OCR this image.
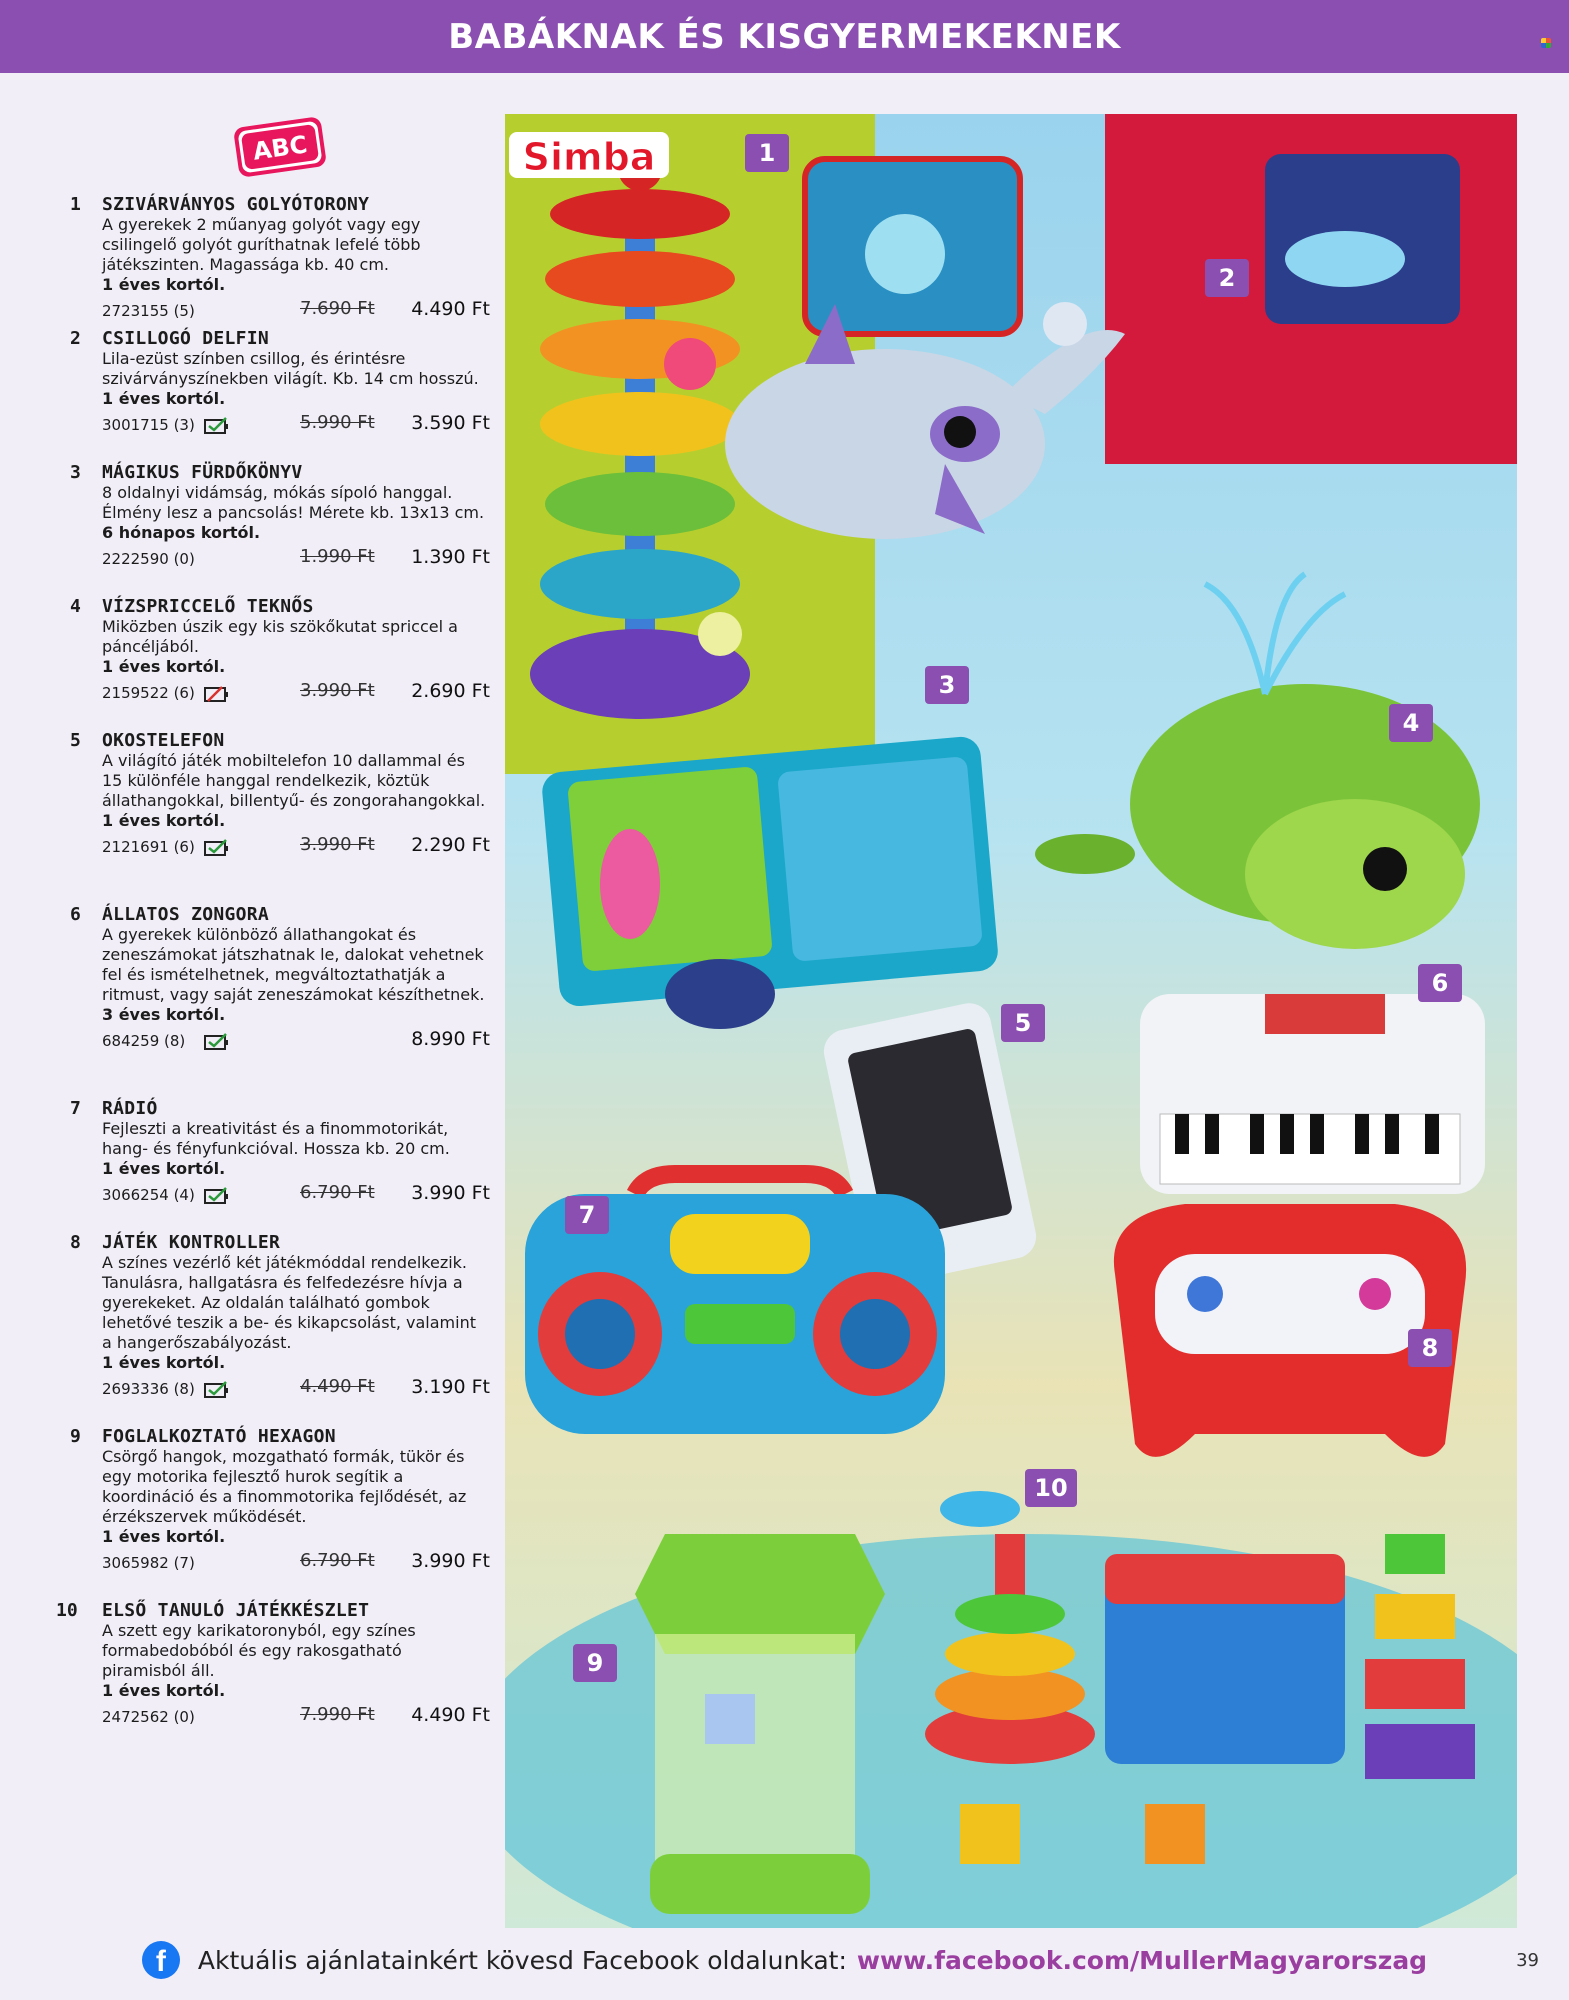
BABÁKNAK ÉS KISGYERMEKEKNEK
ABC
1	SZIVÁRVÁNYOS GOLYÓTORONY
A gyerekek 2 műanyag golyót vagy egy csilingelő golyót guríthatnak lefelé több játékszinten. Magassága kb. 40 cm.
1 éves kortól.
2723155 (5)	7.690 Ft 4.490 Ft
2	CSILLOGÓ DELFIN
Lila-ezüst színben csillog, és érintésre szivárványszínekben világít. Kb. 14 cm hosszú.
1 éves kortól.
3001715 (3)	5.990 Ft 3.590 Ft
3	MÁGIKUS FÜRDŐKÖNYV
8 oldalnyi vidámság, mókás sípoló hanggal. Élmény lesz a pancsolás! Mérete kb. 13x13 cm.
6 hónapos kortól.
2222590 (0)	1.990 Ft 1.390 Ft
4	VÍZSPRICCELŐ TEKNŐS
Miközben úszik egy kis szökőkutat spriccel a páncéljából.
1 éves kortól.
2159522 (6)	3.990 Ft 2.690 Ft
5	OKOSTELEFON
A világító játék mobiltelefon 10 dallammal és 15 különféle hanggal rendelkezik, köztük állathangokkal, billentyű- és zongorahangokkal.
1 éves kortól.
2121691 (6)	3.990 Ft 2.290 Ft
6	ÁLLATOS ZONGORA
A gyerekek különböző állathangokat és zeneszámokat játszhatnak le, dalokat vehetnek fel és ismételhetnek, megváltoztathatják a ritmust, vagy saját zeneszámokat készíthetnek.
3 éves kortól.
684259 (8)	8.990 Ft
7	RÁDIÓ
Fejleszti a kreativitást és a finommotorikát, hang- és fényfunkcióval. Hossza kb. 20 cm.
1 éves kortól.
3066254 (4)	6.790 Ft 3.990 Ft
8	JÁTÉK KONTROLLER
A színes vezérlő két játékmóddal rendelkezik. Tanulásra, hallgatásra és felfedezésre hívja a gyerekeket. Az oldalán található gombok lehetővé teszik a be- és kikapcsolást, valamint a hangerőszabályozást.
1 éves kortól.
2693336 (8)	4.490 Ft 3.190 Ft
9	FOGLALKOZTATÓ HEXAGON
Csörgő hangok, mozgatható formák, tükör és egy motorika fejlesztő hurok segítik a koordináció és a finommotorika fejlődését, az érzékszervek működését.
1 éves kortól.
3065982 (7)	6.790 Ft 3.990 Ft
10	ELSŐ TANULÓ JÁTÉKKÉSZLET
A szett egy karikatoronyból, egy színes formabedobóból és egy rakosgatható piramisból áll.
1 éves kortól.
2472562 (0)	7.990 Ft 4.490 Ft
1
2
3
4
5
6
7
8
9
10
Simba
f	Aktuális ajánlatainkért kövesd Facebook oldalunkat: www.facebook.com/MullerMagyarorszag	39
